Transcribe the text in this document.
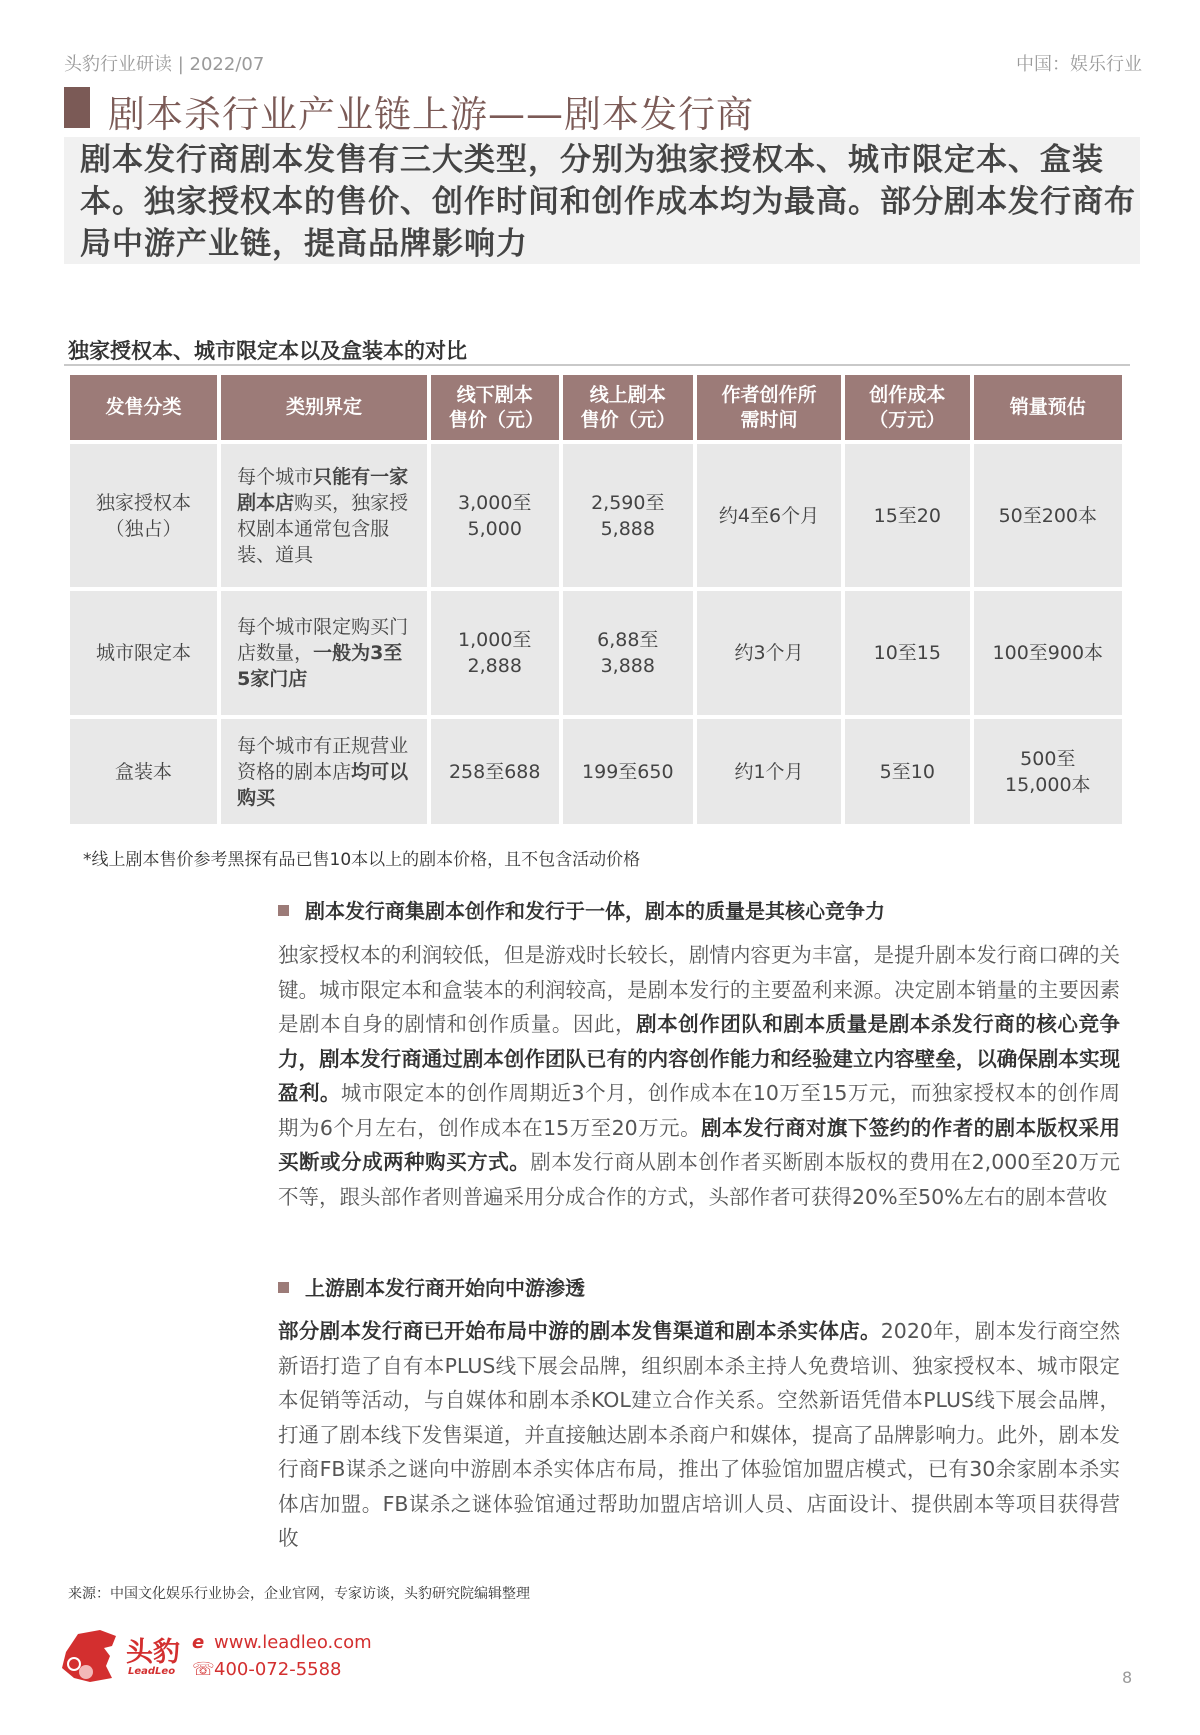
头豹行业研读 | 2022/07	中国：娱乐行业
剧本杀行业产业链上游——剧本发行商
剧本发行商剧本发售有三大类型，分别为独家授权本、城市限定本、盒装本。独家授权本的售价、创作时间和创作成本均为最高。部分剧本发行商布局中游产业链，提高品牌影响力
独家授权本、城市限定本以及盒装本的对比
发售分类	类别界定	线下剧本售价（元）	线上剧本售价（元）	作者创作所需时间	创作成本（万元）	销量预估
独家授权本（独占）	每个城市只能有一家剧本店购买，独家授权剧本通常包含服装、道具	3,000至5,000	2,590至5,888	约4至6个月	15至20	50至200本
城市限定本	每个城市限定购买门店数量，一般为3至5家门店	1,000至2,888	6,88至3,888	约3个月	10至15	100至900本
盒装本	每个城市有正规营业资格的剧本店均可以购买	258至688	199至650	约1个月	5至10	500至15,000本
*线上剧本售价参考黑探有品已售10本以上的剧本价格，且不包含活动价格
剧本发行商集剧本创作和发行于一体，剧本的质量是其核心竞争力
独家授权本的利润较低，但是游戏时长较长，剧情内容更为丰富，是提升剧本发行商口碑的关键。城市限定本和盒装本的利润较高，是剧本发行的主要盈利来源。决定剧本销量的主要因素是剧本自身的剧情和创作质量。因此，剧本创作团队和剧本质量是剧本杀发行商的核心竞争力，剧本发行商通过剧本创作团队已有的内容创作能力和经验建立内容壁垒，以确保剧本实现盈利。城市限定本的创作周期近3个月，创作成本在10万至15万元，而独家授权本的创作周期为6个月左右，创作成本在15万至20万元。剧本发行商对旗下签约的作者的剧本版权采用买断或分成两种购买方式。剧本发行商从剧本创作者买断剧本版权的费用在2,000至20万元不等，跟头部作者则普遍采用分成合作的方式，头部作者可获得20%至50%左右的剧本营收
上游剧本发行商开始向中游渗透
部分剧本发行商已开始布局中游的剧本发售渠道和剧本杀实体店。2020年，剧本发行商空然新语打造了自有本PLUS线下展会品牌，组织剧本杀主持人免费培训、独家授权本、城市限定本促销等活动，与自媒体和剧本杀KOL建立合作关系。空然新语凭借本PLUS线下展会品牌，打通了剧本线下发售渠道，并直接触达剧本杀商户和媒体，提高了品牌影响力。此外，剧本发行商FB谋杀之谜向中游剧本杀实体店布局，推出了体验馆加盟店模式，已有30余家剧本杀实体店加盟。FB谋杀之谜体验馆通过帮助加盟店培训人员、店面设计、提供剧本等项目获得营收
来源：中国文化娱乐行业协会，企业官网，专家访谈，头豹研究院编辑整理
头豹
LeadLeo
e www.leadleo.com
☏400-072-5588	8
